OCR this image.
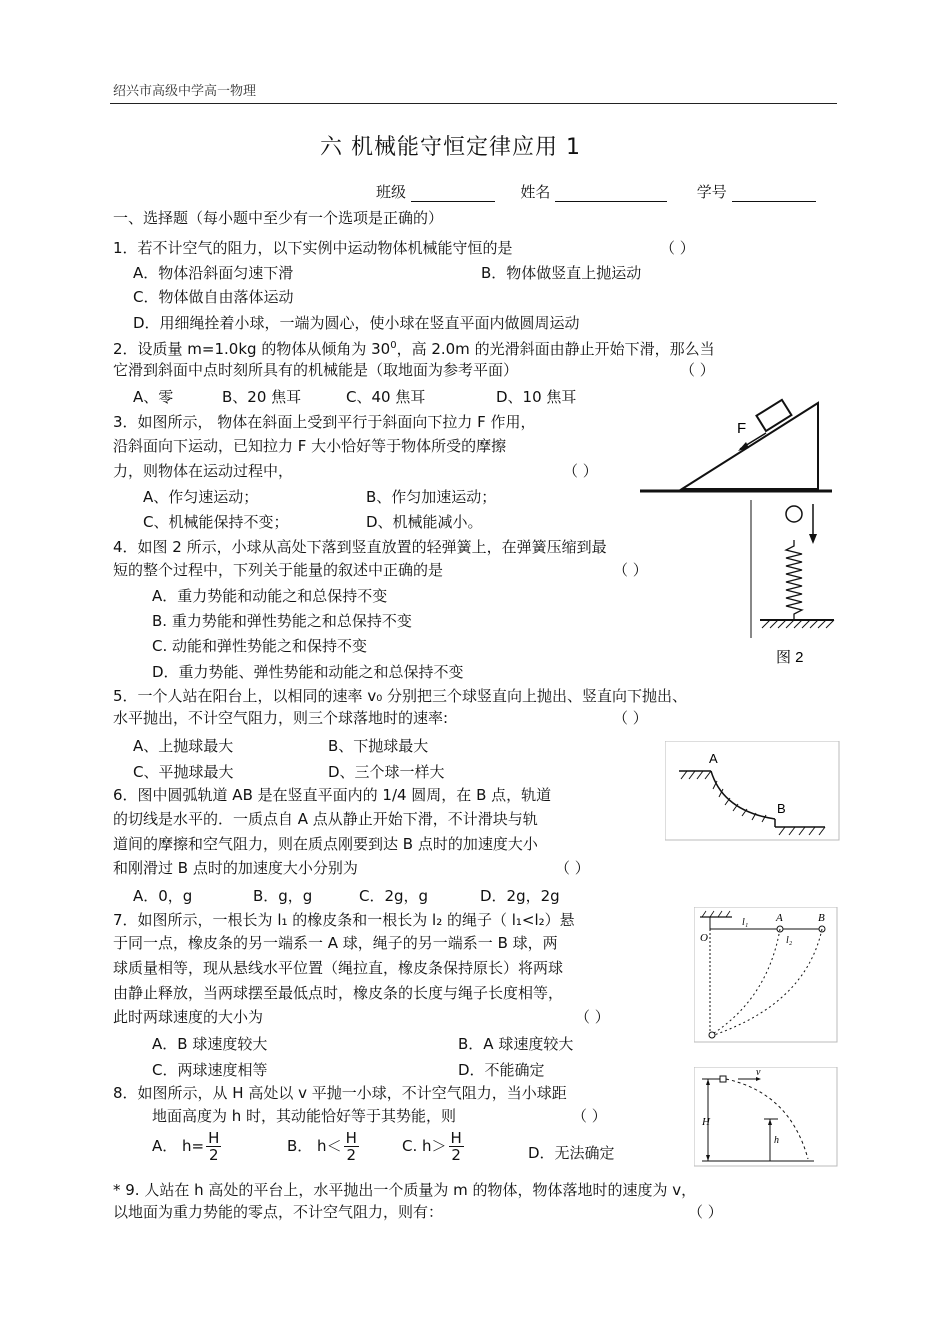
绍兴市高级中学高一物理
六 机械能守恒定律应用 1
班级	姓名	学号
一、选择题（每小题中至少有一个选项是正确的）
1．若不计空气的阻力，以下实例中运动物体机械能守恒的是	（ ）
A．物体沿斜面匀速下滑	B．物体做竖直上抛运动
C．物体做自由落体运动
D．用细绳拴着小球，一端为圆心，使小球在竖直平面内做圆周运动
2．设质量 m=1.0kg 的物体从倾角为 $30^0$，高 2.0m 的光滑斜面由静止开始下滑，那么当
它滑到斜面中点时刻所具有的机械能是（取地面为参考平面）	（ ）
A、零	B、20 焦耳	C、40 焦耳	D、10 焦耳
3．如图所示， 物体在斜面上受到平行于斜面向下拉力 F 作用，
沿斜面向下运动，已知拉力 F 大小恰好等于物体所受的摩擦
力，则物体在运动过程中，	（ ）
A、作匀速运动；	B、作匀加速运动；
C、机械能保持不变；	D、机械能减小。
F
4．如图 2 所示，小球从高处下落到竖直放置的轻弹簧上，在弹簧压缩到最
短的整个过程中，下列关于能量的叙述中正确的是	（ ）
A．重力势能和动能之和总保持不变
B. 重力势能和弹性势能之和总保持不变
C. 动能和弹性势能之和保持不变
D．重力势能、弹性势能和动能之和总保持不变
图 2
5．一个人站在阳台上，以相同的速率 v₀ 分别把三个球竖直向上抛出、竖直向下抛出、
水平抛出，不计空气阻力，则三个球落地时的速率:	（ ）
A、上抛球最大	B、下抛球最大
C、平抛球最大	D、三个球一样大
A
B
6．图中圆弧轨道 AB 是在竖直平面内的 1/4 圆周，在 B 点，轨道
的切线是水平的．一质点自 A 点从静止开始下滑，不计滑块与轨
道间的摩擦和空气阻力，则在质点刚要到达 B 点时的加速度大小
和刚滑过 B 点时的加速度大小分别为	（ ）
A．0，g	B．g，g	C．2g，g	D．2g，2g
7．如图所示，一根长为 l₁ 的橡皮条和一根长为 l₂ 的绳子（ l₁<l₂）悬
于同一点，橡皮条的另一端系一 A 球，绳子的另一端系一 B 球，两
球质量相等，现从悬线水平位置（绳拉直，橡皮条保持原长）将两球
由静止释放，当两球摆至最低点时，橡皮条的长度与绳子长度相等，
此时两球速度的大小为	（ ）
A．B 球速度较大	B．A 球速度较大
C．两球速度相等	D．不能确定
O
l₁	A	B
l₂
8．如图所示，从 H 高处以 v 平抛一小球，不计空气阻力，当小球距
地面高度为 h 时，其动能恰好等于其势能，则	（ ）
A． $h= \frac{H}{2}$	B． $h< \frac{H}{2}$	C. $h> \frac{H}{2}$	D．无法确定
H
v
h
* 9. 人站在 h 高处的平台上，水平抛出一个质量为 m 的物体，物体落地时的速度为 v，
以地面为重力势能的零点，不计空气阻力，则有：	（ ）
